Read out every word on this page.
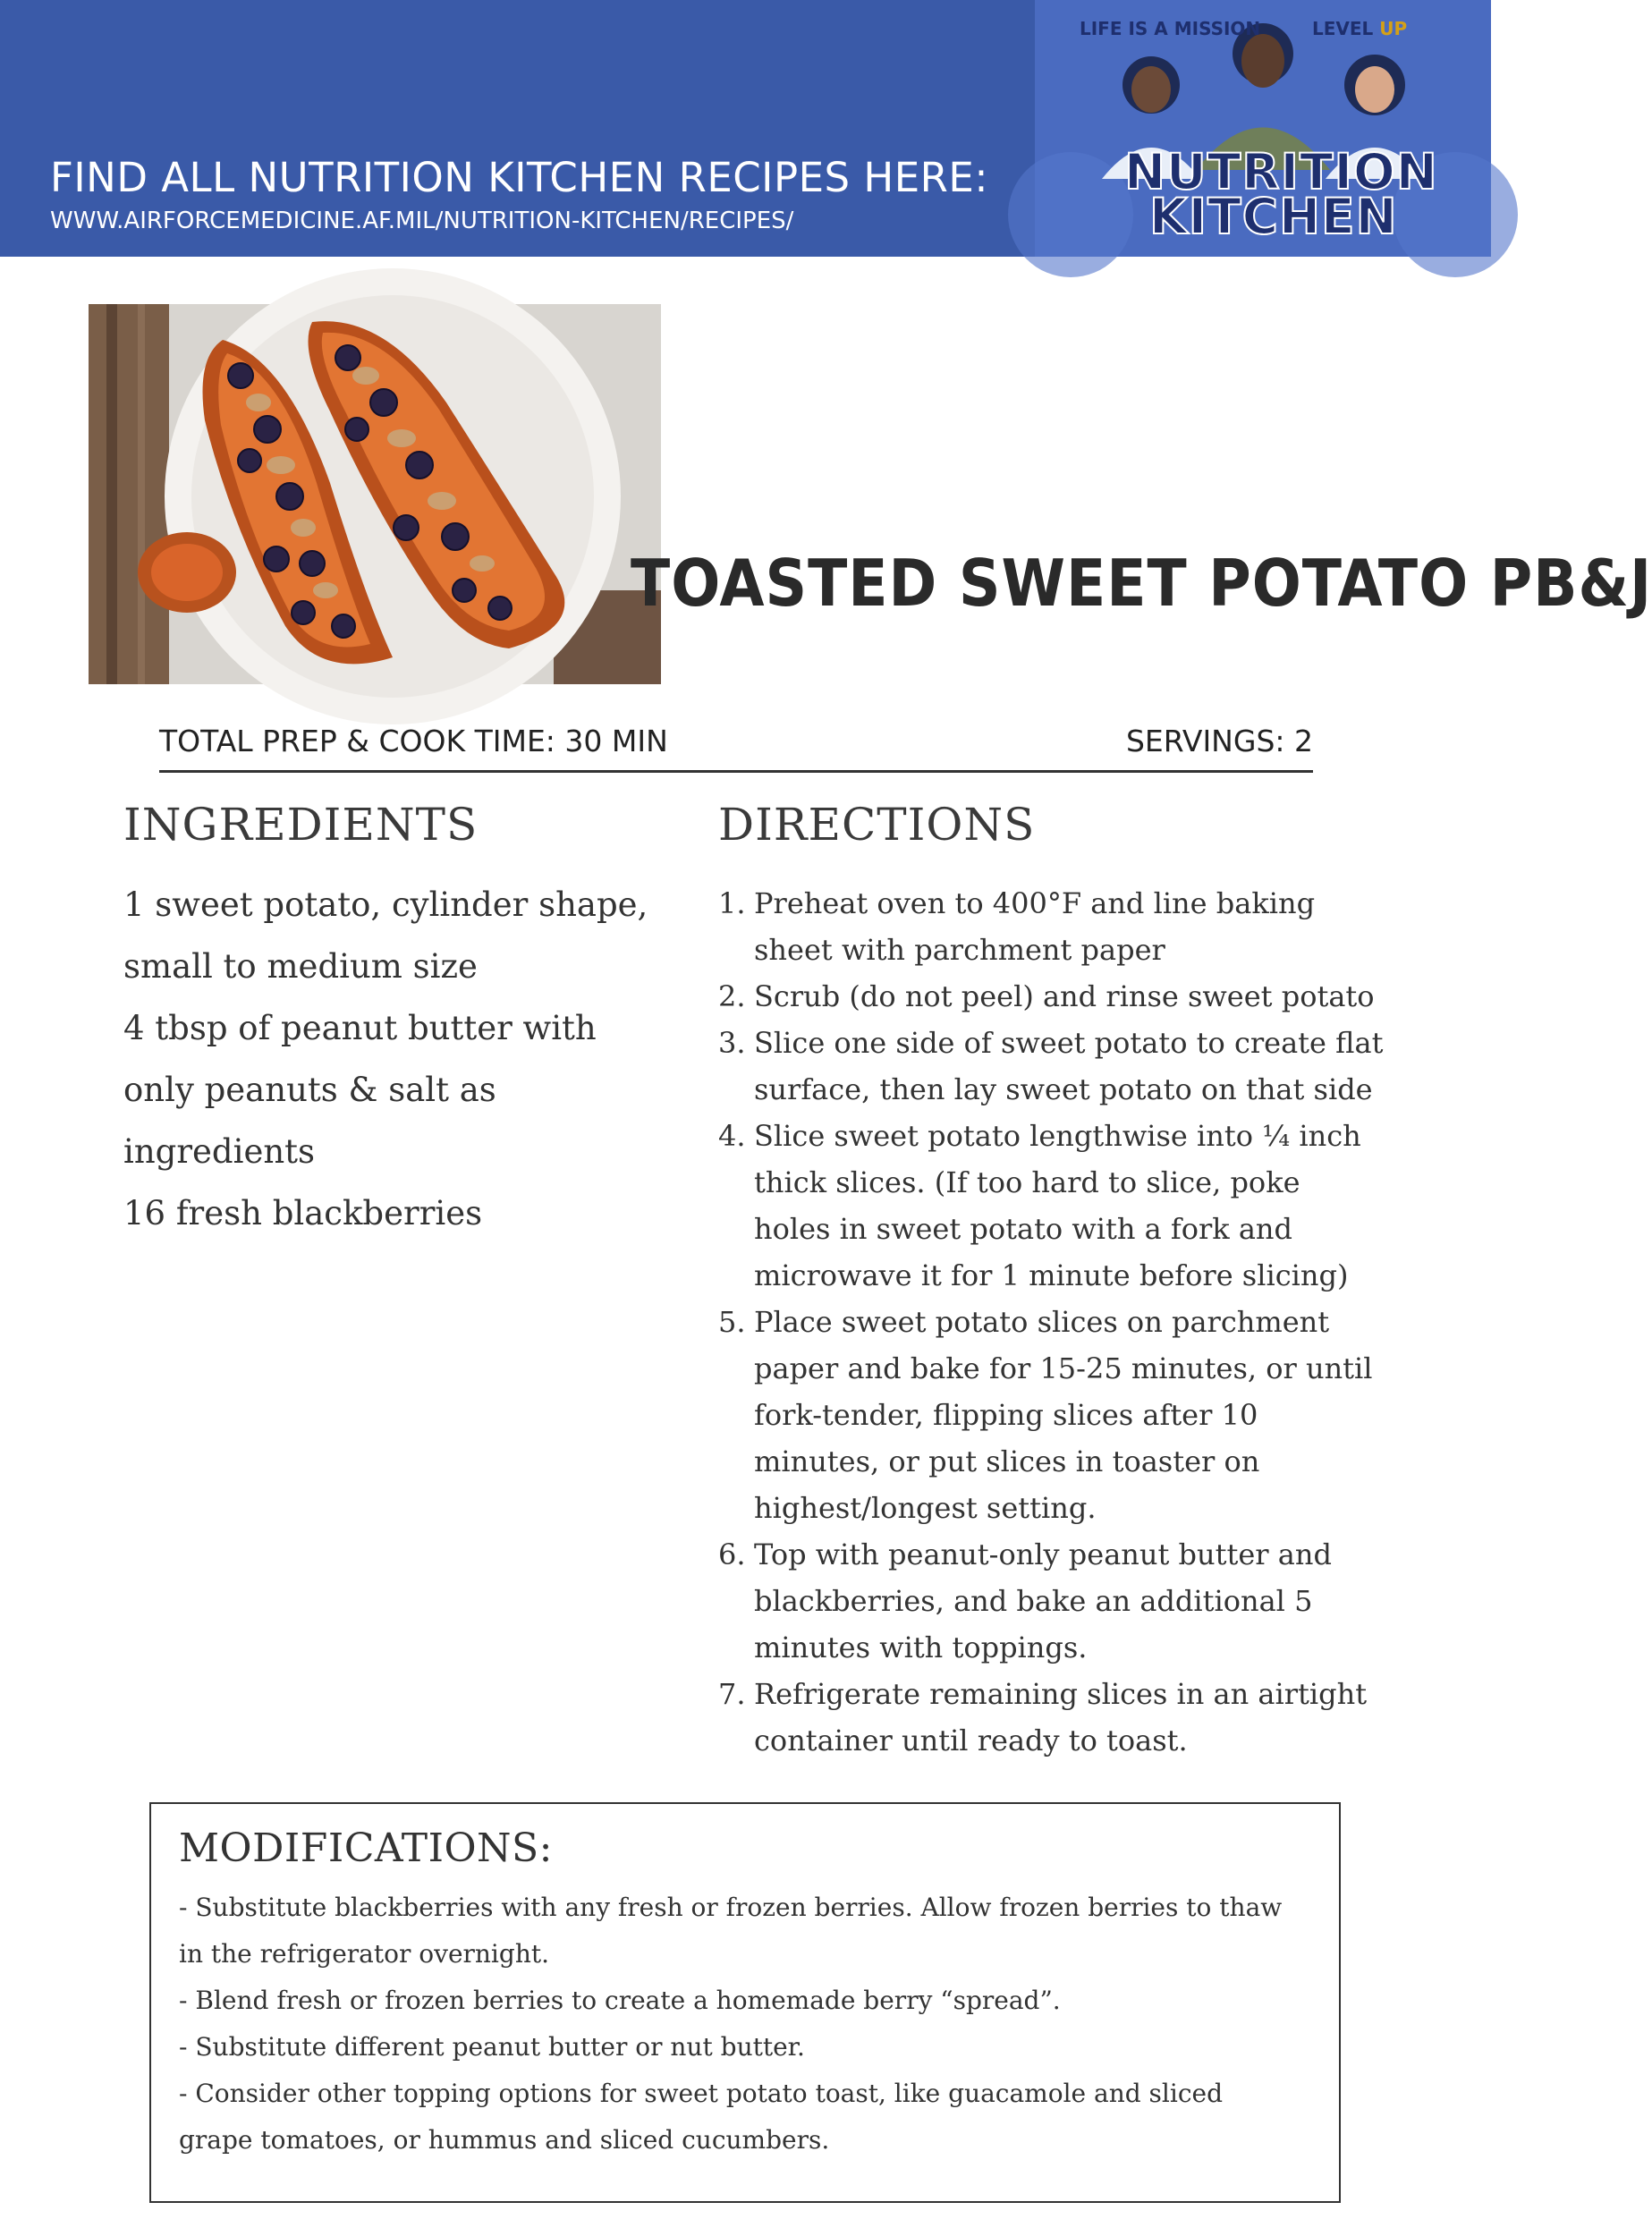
FIND ALL NUTRITION KITCHEN RECIPES HERE:

WWW.AIRFORCEMEDICINE.AF.MIL/NUTRITION-KITCHEN/RECIPES/

LIFE IS A MISSION	LEVEL UP
NUTRITION
KITCHEN
TOASTED SWEET POTATO PB&J
TOTAL PREP & COOK TIME: 30 MIN	SERVINGS: 2
INGREDIENTS
1 sweet potato, cylinder shape, small to medium size
4 tbsp of peanut butter with only peanuts & salt as ingredients
16 fresh blackberries
DIRECTIONS
1. Preheat oven to 400°F and line baking sheet with parchment paper
2. Scrub (do not peel) and rinse sweet potato
3. Slice one side of sweet potato to create flat surface, then lay sweet potato on that side
4. Slice sweet potato lengthwise into ¼ inch thick slices. (If too hard to slice, poke holes in sweet potato with a fork and microwave it for 1 minute before slicing)
5. Place sweet potato slices on parchment paper and bake for 15-25 minutes, or until fork-tender, flipping slices after 10 minutes, or put slices in toaster on highest/longest setting.
6. Top with peanut-only peanut butter and blackberries, and bake an additional 5 minutes with toppings.
7. Refrigerate remaining slices in an airtight container until ready to toast.
MODIFICATIONS:
- Substitute blackberries with any fresh or frozen berries. Allow frozen berries to thaw in the refrigerator overnight.
- Blend fresh or frozen berries to create a homemade berry “spread”.
- Substitute different peanut butter or nut butter.
- Consider other topping options for sweet potato toast, like guacamole and sliced grape tomatoes, or hummus and sliced cucumbers.
